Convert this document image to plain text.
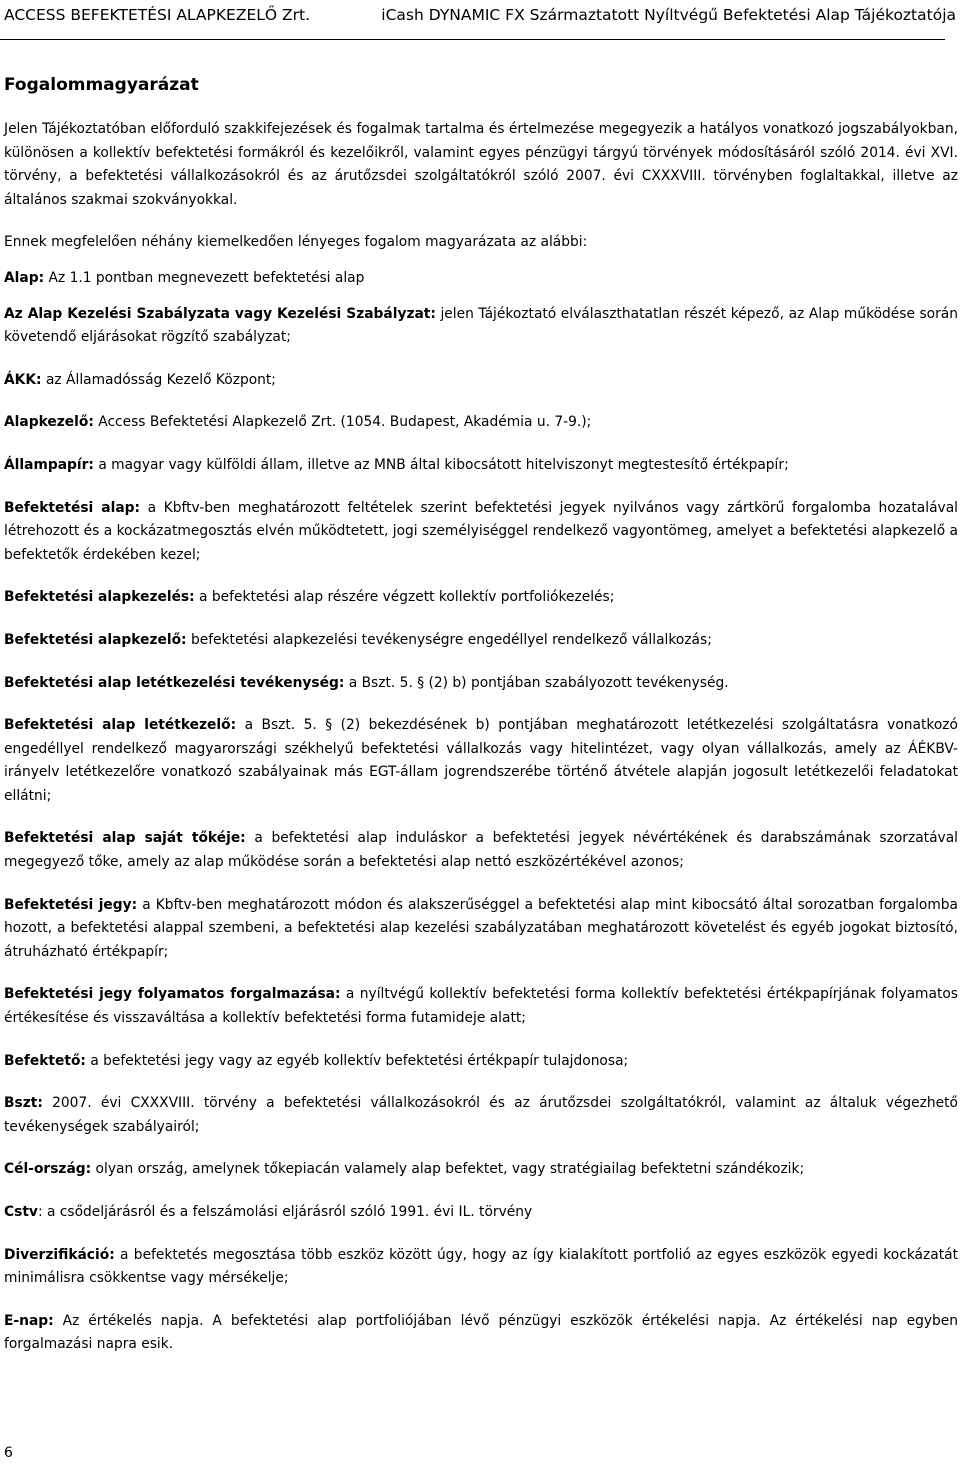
ACCESS BEFEKTETÉSI ALAPKEZELŐ Zrt.	iCash DYNAMIC FX Származtatott Nyíltvégű Befektetési Alap Tájékoztatója
Fogalommagyarázat

Jelen Tájékoztatóban előforduló szakkifejezések és fogalmak tartalma és értelmezése megegyezik a hatályos vonatkozó jogszabályokban, különösen a kollektív befektetési formákról és kezelőikről, valamint egyes pénzügyi tárgyú törvények módosításáról szóló 2014. évi XVI. törvény, a befektetési vállalkozásokról és az árutőzsdei szolgáltatókról szóló 2007. évi CXXXVIII. törvényben foglaltakkal, illetve az általános szakmai szokványokkal.

Ennek megfelelően néhány kiemelkedően lényeges fogalom magyarázata az alábbi:

Alap: Az 1.1 pontban megnevezett befektetési alap

Az Alap Kezelési Szabályzata vagy Kezelési Szabályzat: jelen Tájékoztató elválaszthatatlan részét képező, az Alap működése során követendő eljárásokat rögzítő szabályzat;

ÁKK: az Államadósság Kezelő Központ;

Alapkezelő: Access Befektetési Alapkezelő Zrt. (1054. Budapest, Akadémia u. 7-9.);

Állampapír: a magyar vagy külföldi állam, illetve az MNB által kibocsátott hitelviszonyt megtestesítő értékpapír;

Befektetési alap: a Kbftv-ben meghatározott feltételek szerint befektetési jegyek nyilvános vagy zártkörű forgalomba hozatalával létrehozott és a kockázatmegosztás elvén működtetett, jogi személyiséggel rendelkező vagyontömeg, amelyet a befektetési alapkezelő a befektetők érdekében kezel;

Befektetési alapkezelés: a befektetési alap részére végzett kollektív portfoliókezelés;

Befektetési alapkezelő: befektetési alapkezelési tevékenységre engedéllyel rendelkező vállalkozás;

Befektetési alap letétkezelési tevékenység: a Bszt. 5. § (2) b) pontjában szabályozott tevékenység.

Befektetési alap letétkezelő: a Bszt. 5. § (2) bekezdésének b) pontjában meghatározott letétkezelési szolgáltatásra vonatkozó engedéllyel rendelkező magyarországi székhelyű befektetési vállalkozás vagy hitelintézet, vagy olyan vállalkozás, amely az ÁÉKBV-irányelv letétkezelőre vonatkozó szabályainak más EGT-állam jogrendszerébe történő átvétele alapján jogosult letétkezelői feladatokat ellátni;

Befektetési alap saját tőkéje: a befektetési alap induláskor a befektetési jegyek névértékének és darabszámának szorzatával megegyező tőke, amely az alap működése során a befektetési alap nettó eszközértékével azonos;

Befektetési jegy: a Kbftv-ben meghatározott módon és alakszerűséggel a befektetési alap mint kibocsátó által sorozatban forgalomba hozott, a befektetési alappal szembeni, a befektetési alap kezelési szabályzatában meghatározott követelést és egyéb jogokat biztosító, átruházható értékpapír;

Befektetési jegy folyamatos forgalmazása: a nyíltvégű kollektív befektetési forma kollektív befektetési értékpapírjának folyamatos értékesítése és visszaváltása a kollektív befektetési forma futamideje alatt;

Befektető: a befektetési jegy vagy az egyéb kollektív befektetési értékpapír tulajdonosa;

Bszt: 2007. évi CXXXVIII. törvény a befektetési vállalkozásokról és az árutőzsdei szolgáltatókról, valamint az általuk végezhető tevékenységek szabályairól;

Cél-ország: olyan ország, amelynek tőkepiacán valamely alap befektet, vagy stratégiailag befektetni szándékozik;

Cstv: a csődeljárásról és a felszámolási eljárásról szóló 1991. évi IL. törvény

Diverzifikáció: a befektetés megosztása több eszköz között úgy, hogy az így kialakított portfolió az egyes eszközök egyedi kockázatát minimálisra csökkentse vagy mérsékelje;

E-nap: Az értékelés napja. A befektetési alap portfoliójában lévő pénzügyi eszközök értékelési napja. Az értékelési nap egyben forgalmazási napra esik.

6
